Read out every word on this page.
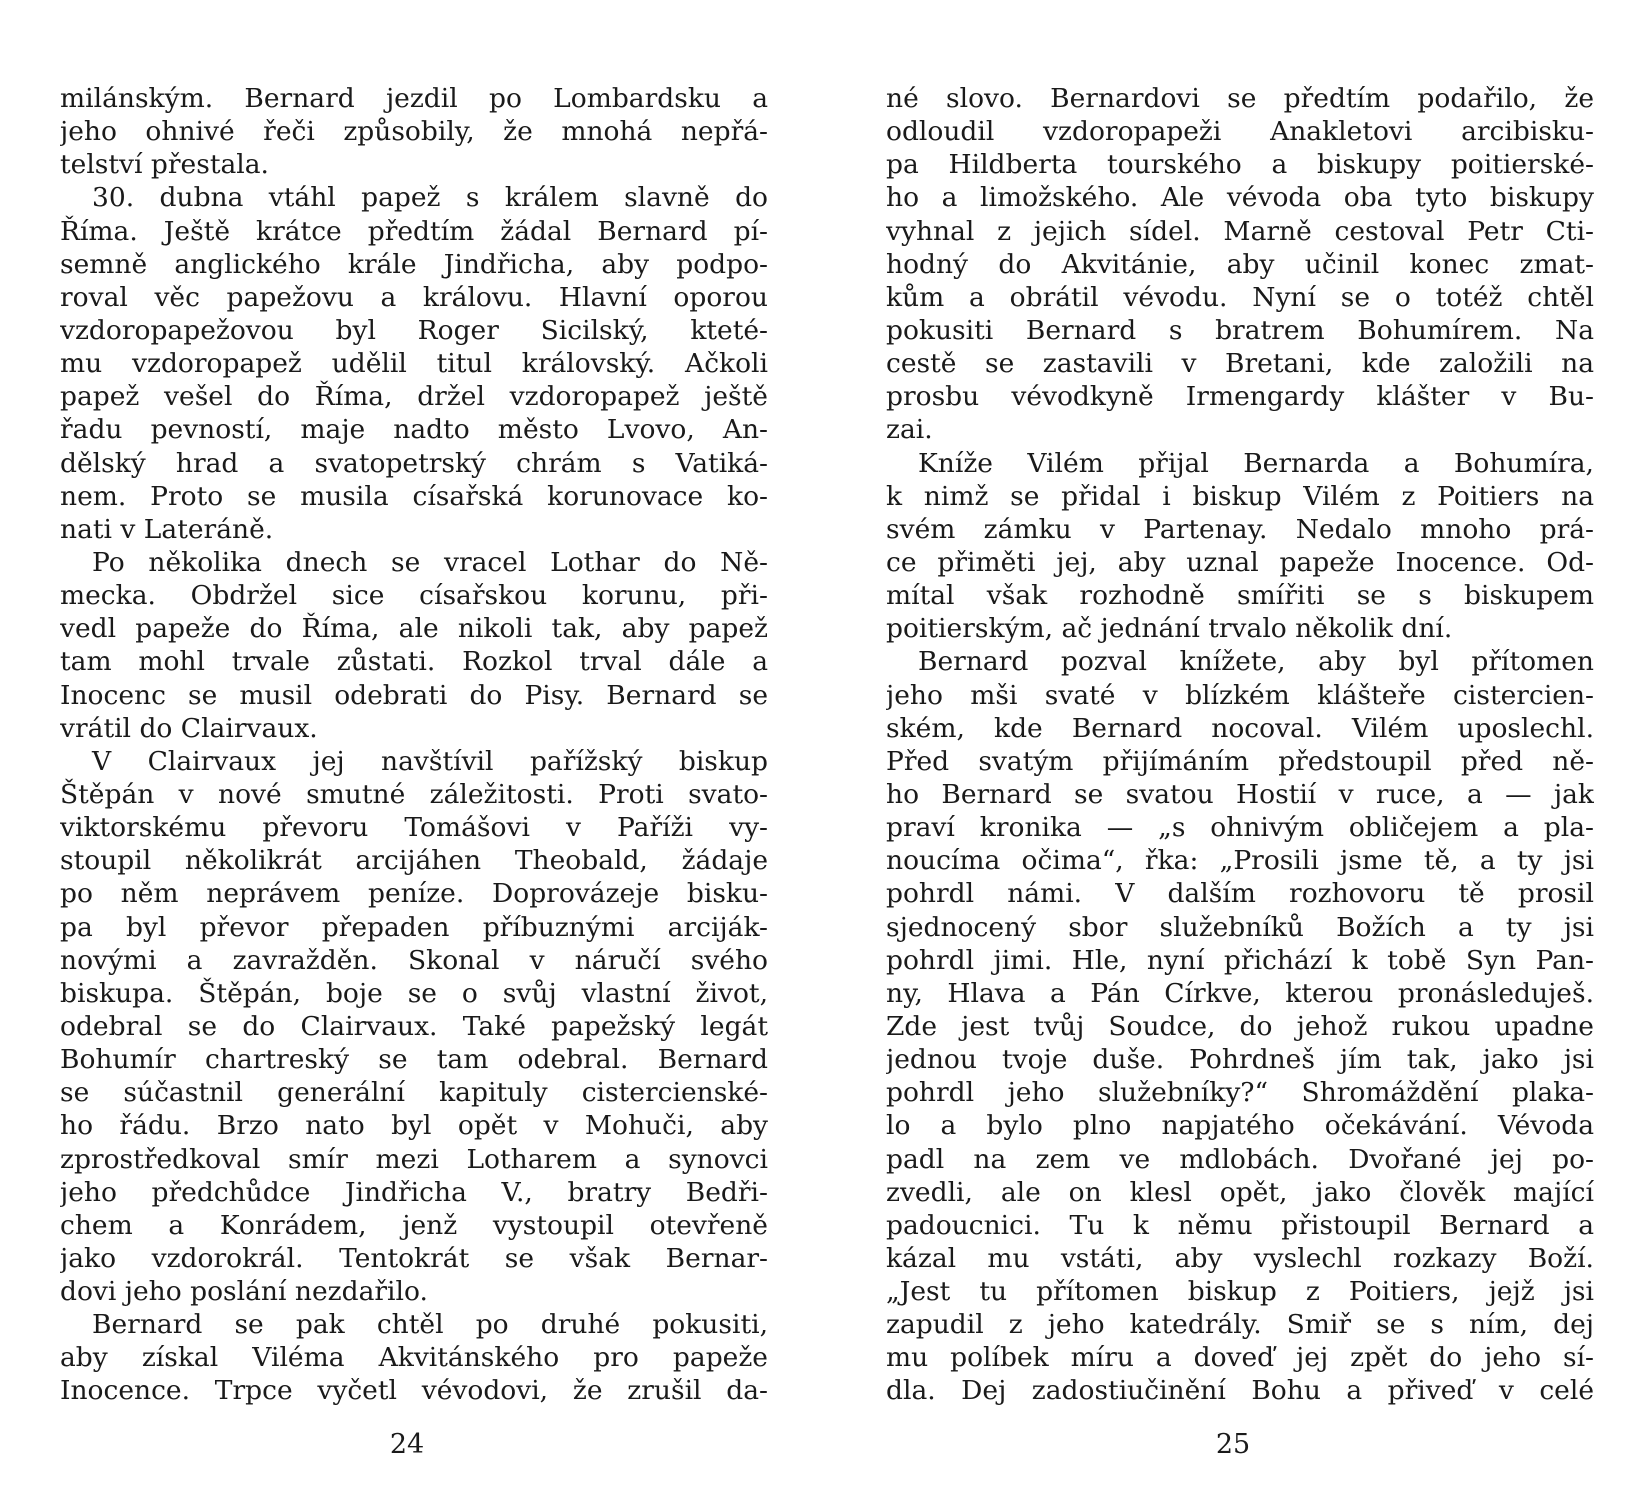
milánským. Bernard jezdil po Lombardsku a
jeho ohnivé řeči způsobily, že mnohá nepřá-
telství přestala.
30. dubna vtáhl papež s králem slavně do
Říma. Ještě krátce předtím žádal Bernard pí-
semně anglického krále Jindřicha, aby podpo-
roval věc papežovu a královu. Hlavní oporou
vzdoropapežovou byl Roger Sicilský, kteté-
mu vzdoropapež udělil titul královský. Ačkoli
papež vešel do Říma, držel vzdoropapež ještě
řadu pevností, maje nadto město Lvovo, An-
dělský hrad a svatopetrský chrám s Vatiká-
nem. Proto se musila císařská korunovace ko-
nati v Lateráně.
Po několika dnech se vracel Lothar do Ně-
mecka. Obdržel sice císařskou korunu, při-
vedl papeže do Říma, ale nikoli tak, aby papež
tam mohl trvale zůstati. Rozkol trval dále a
Inocenc se musil odebrati do Pisy. Bernard se
vrátil do Clairvaux.
V Clairvaux jej navštívil pařížský biskup
Štěpán v nové smutné záležitosti. Proti svato-
viktorskému převoru Tomášovi v Paříži vy-
stoupil několikrát arcijáhen Theobald, žádaje
po něm neprávem peníze. Doprovázeje bisku-
pa byl převor přepaden příbuznými arciják-
novými a zavražděn. Skonal v náručí svého
biskupa. Štěpán, boje se o svůj vlastní život,
odebral se do Clairvaux. Také papežský legát
Bohumír chartreský se tam odebral. Bernard
se súčastnil generální kapituly cistercienské-
ho řádu. Brzo nato byl opět v Mohuči, aby
zprostředkoval smír mezi Lotharem a synovci
jeho předchůdce Jindřicha V., bratry Bedři-
chem a Konrádem, jenž vystoupil otevřeně
jako vzdorokrál. Tentokrát se však Bernar-
dovi jeho poslání nezdařilo.
Bernard se pak chtěl po druhé pokusiti,
aby získal Viléma Akvitánského pro papeže
Inocence. Trpce vyčetl vévodovi, že zrušil da-
né slovo. Bernardovi se předtím podařilo, že
odloudil vzdoropapeži Anakletovi arcibisku-
pa Hildberta tourského a biskupy poitierské-
ho a limožského. Ale vévoda oba tyto biskupy
vyhnal z jejich sídel. Marně cestoval Petr Cti-
hodný do Akvitánie, aby učinil konec zmat-
kům a obrátil vévodu. Nyní se o totéž chtěl
pokusiti Bernard s bratrem Bohumírem. Na
cestě se zastavili v Bretani, kde založili na
prosbu vévodkyně Irmengardy klášter v Bu-
zai.
Kníže Vilém přijal Bernarda a Bohumíra,
k nimž se přidal i biskup Vilém z Poitiers na
svém zámku v Partenay. Nedalo mnoho prá-
ce přiměti jej, aby uznal papeže Inocence. Od-
mítal však rozhodně smířiti se s biskupem
poitierským, ač jednání trvalo několik dní.
Bernard pozval knížete, aby byl přítomen
jeho mši svaté v blízkém klášteře cistercien-
ském, kde Bernard nocoval. Vilém uposlechl.
Před svatým přijímáním předstoupil před ně-
ho Bernard se svatou Hostií v ruce, a — jak
praví kronika — „s ohnivým obličejem a pla-
noucíma očima“, řka: „Prosili jsme tě, a ty jsi
pohrdl námi. V dalším rozhovoru tě prosil
sjednocený sbor služebníků Božích a ty jsi
pohrdl jimi. Hle, nyní přichází k tobě Syn Pan-
ny, Hlava a Pán Církve, kterou pronásleduješ.
Zde jest tvůj Soudce, do jehož rukou upadne
jednou tvoje duše. Pohrdneš jím tak, jako jsi
pohrdl jeho služebníky?“ Shromáždění plaka-
lo a bylo plno napjatého očekávání. Vévoda
padl na zem ve mdlobách. Dvořané jej po-
zvedli, ale on klesl opět, jako člověk mající
padoucnici. Tu k němu přistoupil Bernard a
kázal mu vstáti, aby vyslechl rozkazy Boží.
„Jest tu přítomen biskup z Poitiers, jejž jsi
zapudil z jeho katedrály. Smiř se s ním, dej
mu políbek míru a doveď jej zpět do jeho sí-
dla. Dej zadostiučinění Bohu a přiveď v celé
24	25
